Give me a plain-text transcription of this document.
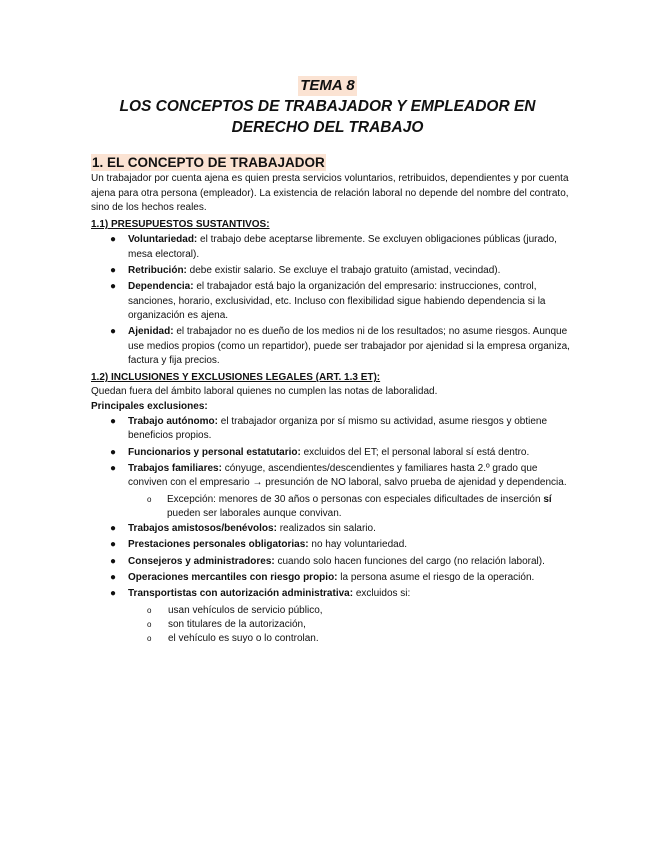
TEMA 8
LOS CONCEPTOS DE TRABAJADOR Y EMPLEADOR EN
DERECHO DEL TRABAJO
1. EL CONCEPTO DE TRABAJADOR

Un trabajador por cuenta ajena es quien presta servicios voluntarios, retribuidos, dependientes y por cuenta ajena para otra persona (empleador). La existencia de relación laboral no depende del nombre del contrato, sino de los hechos reales.

1.1) PRESUPUESTOS SUSTANTIVOS:

● Voluntariedad: el trabajo debe aceptarse libremente. Se excluyen obligaciones públicas (jurado, mesa electoral).
● Retribución: debe existir salario. Se excluye el trabajo gratuito (amistad, vecindad).
● Dependencia: el trabajador está bajo la organización del empresario: instrucciones, control, sanciones, horario, exclusividad, etc. Incluso con flexibilidad sigue habiendo dependencia si la organización es ajena.
● Ajenidad: el trabajador no es dueño de los medios ni de los resultados; no asume riesgos. Aunque use medios propios (como un repartidor), puede ser trabajador por ajenidad si la empresa organiza, factura y fija precios.

1.2) INCLUSIONES Y EXCLUSIONES LEGALES (ART. 1.3 ET):

Quedan fuera del ámbito laboral quienes no cumplen las notas de laboralidad.

Principales exclusiones:

● Trabajo autónomo: el trabajador organiza por sí mismo su actividad, asume riesgos y obtiene beneficios propios.
● Funcionarios y personal estatutario: excluidos del ET; el personal laboral sí está dentro.
● Trabajos familiares: cónyuge, ascendientes/descendientes y familiares hasta 2.º grado que conviven con el empresario → presunción de NO laboral, salvo prueba de ajenidad y dependencia.
o Excepción: menores de 30 años o personas con especiales dificultades de inserción sí pueden ser laborales aunque convivan.
● Trabajos amistosos/benévolos: realizados sin salario.
● Prestaciones personales obligatorias: no hay voluntariedad.
● Consejeros y administradores: cuando solo hacen funciones del cargo (no relación laboral).
● Operaciones mercantiles con riesgo propio: la persona asume el riesgo de la operación.
● Transportistas con autorización administrativa: excluidos si:
o usan vehículos de servicio público,
o son titulares de la autorización,
o el vehículo es suyo o lo controlan.
